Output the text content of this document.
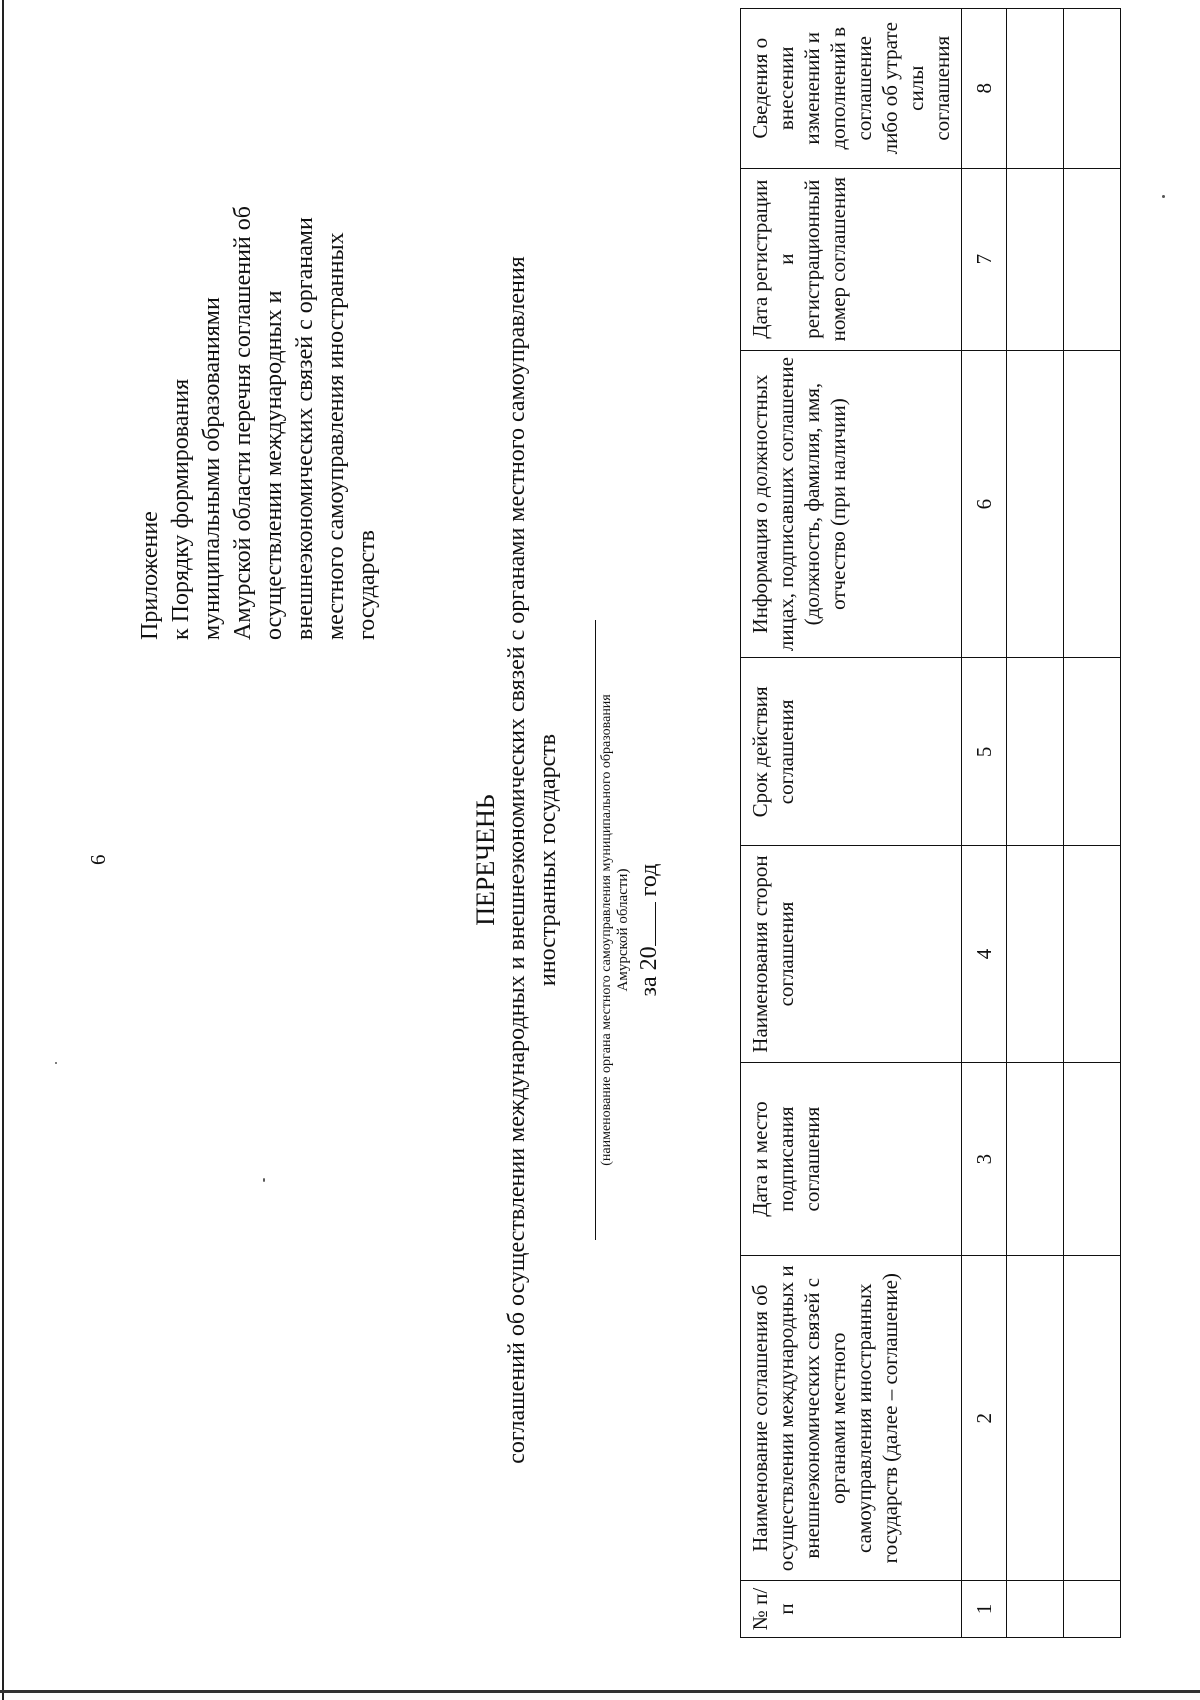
6
Приложение к Порядку формирования муниципальными образованиями Амурской области перечня соглашений об осуществлении международных и внешнеэкономических связей с органами местного самоуправления иностранных государств
ПЕРЕЧЕНЬ соглашений об осуществлении международных и внешнеэкономических связей с органами местного самоуправления иностранных государств	(наименование органа местного самоуправления муниципального образования Амурской области) за 20 год
№ п/п	Наименование соглашения об осуществлении международных и внешнеэкономических связей с органами местного самоуправления иностранных государств (далее – соглашение)	Дата и место подписания соглашения	Наименования сторон соглашения	Срок действия соглашения	Информация о должностных лицах, подписавших соглашение (должность, фамилия, имя, отчество (при наличии)	Дата регистрации и регистрационный номер соглашения	Сведения о внесении изменений и дополнений в соглашение либо об утрате силы соглашения
1	2	3	4	5	6	7	8
